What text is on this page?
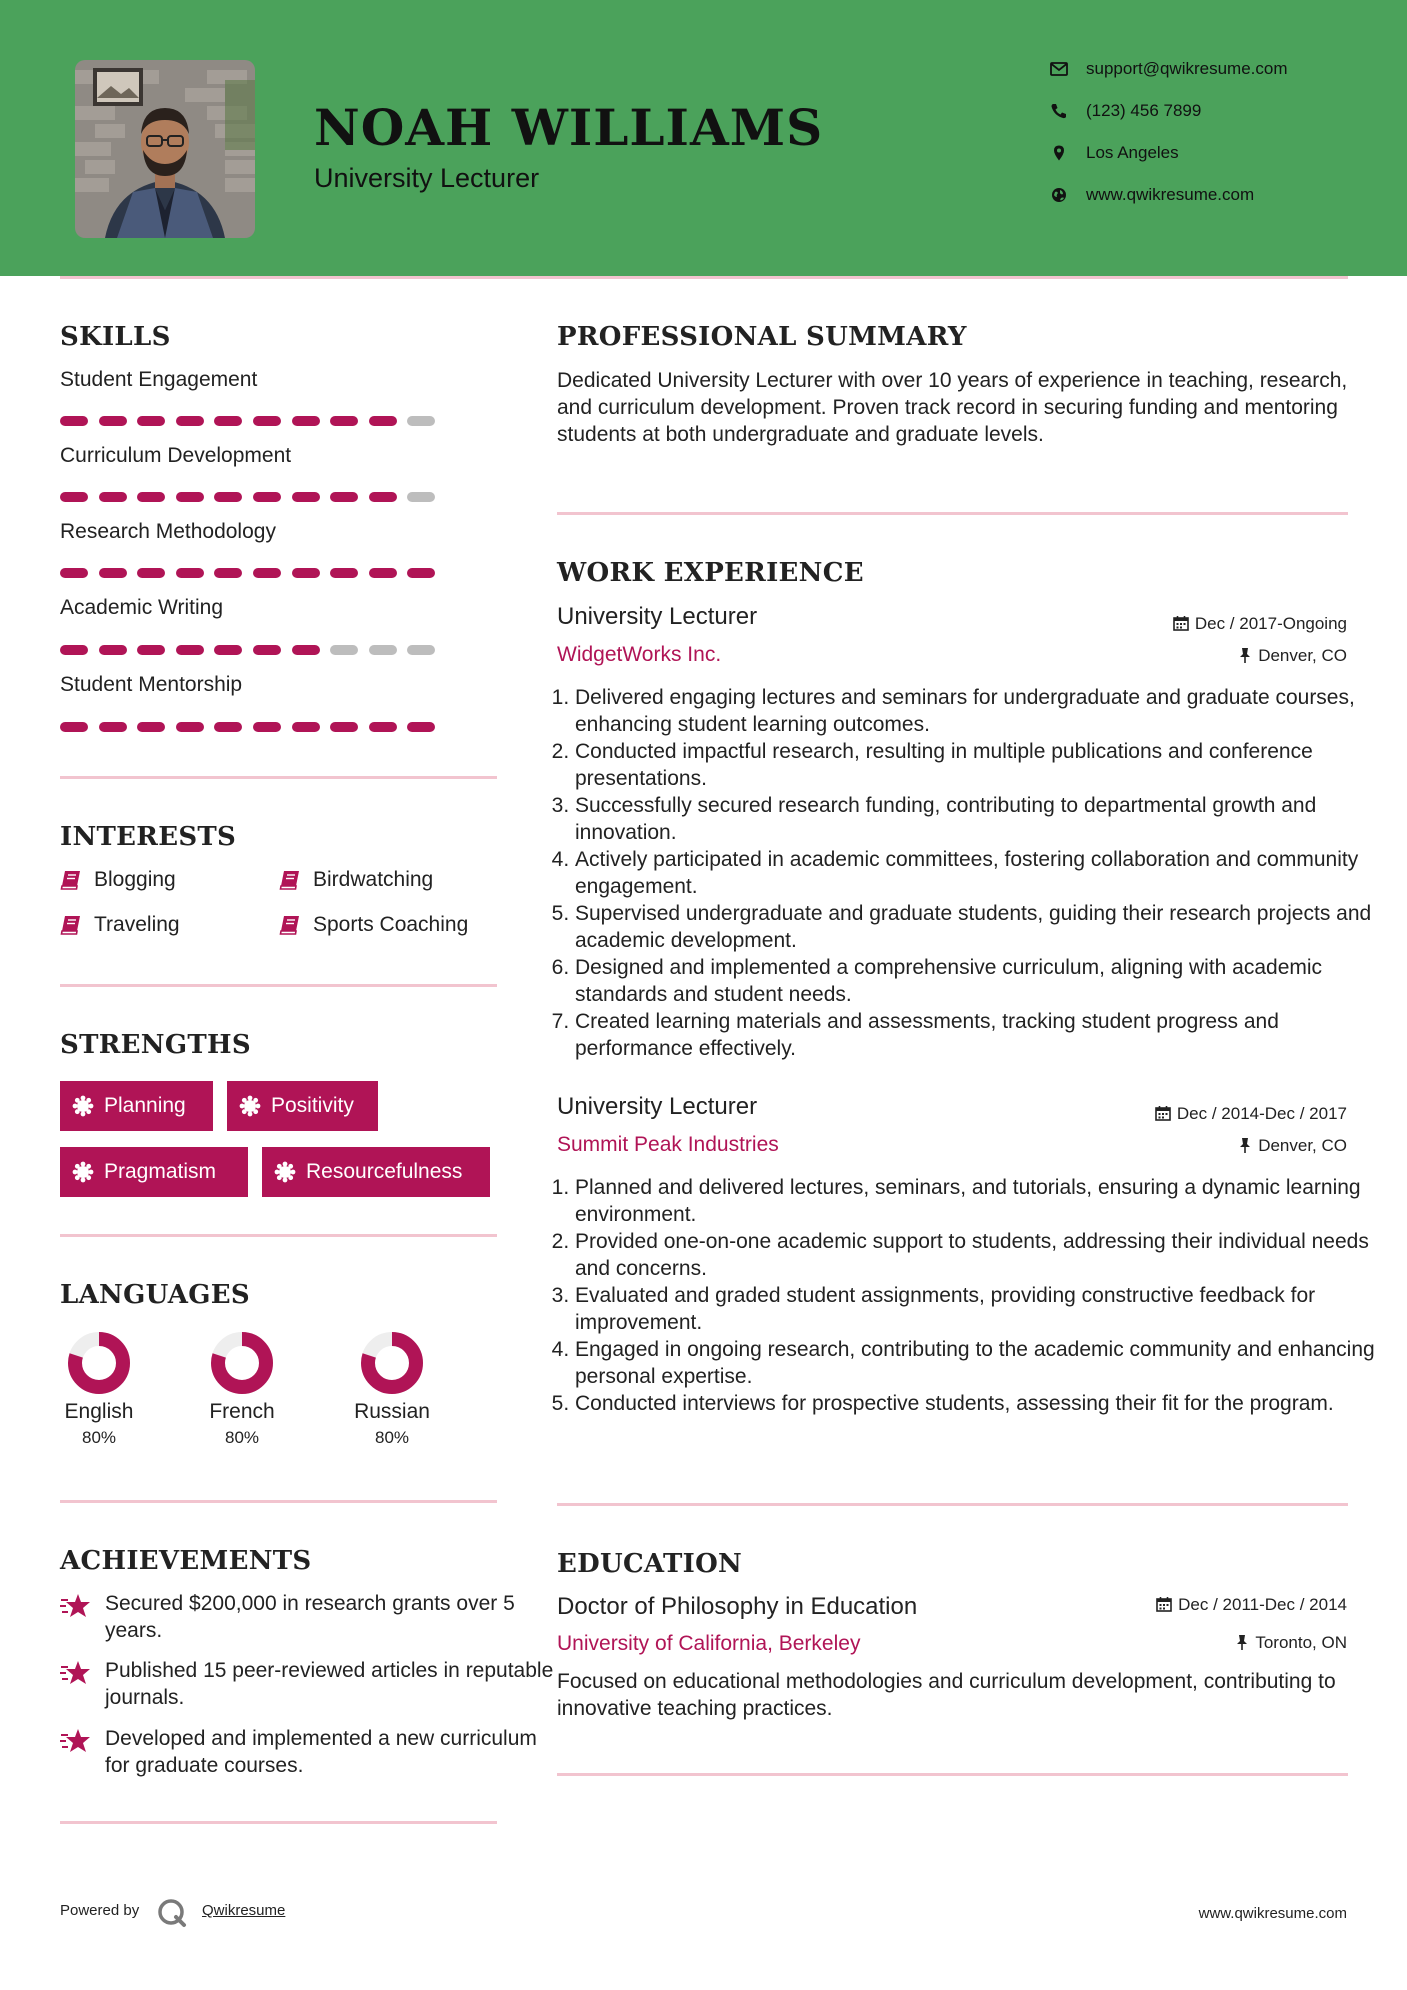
NOAH WILLIAMS
University Lecturer
support@qwikresume.com
(123) 456 7899
Los Angeles
www.qwikresume.com
SKILLS
Student Engagement
Curriculum Development
Research Methodology
Academic Writing
Student Mentorship
INTERESTS
Blogging	Birdwatching
Traveling	Sports Coaching
STRENGTHS
Planning	Positivity
Pragmatism	Resourcefulness
LANGUAGES
English
80%
French
80%
Russian
80%
ACHIEVEMENTS
Secured $200,000 in research grants over 5 years.
Published 15 peer-reviewed articles in reputable journals.
Developed and implemented a new curriculum for graduate courses.
PROFESSIONAL SUMMARY
Dedicated University Lecturer with over 10 years of experience in teaching, research, and curriculum development. Proven track record in securing funding and mentoring students at both undergraduate and graduate levels.
WORK EXPERIENCE
University Lecturer	Dec / 2017-Ongoing
WidgetWorks Inc.	Denver, CO
1. Delivered engaging lectures and seminars for undergraduate and graduate courses, enhancing student learning outcomes.
2. Conducted impactful research, resulting in multiple publications and conference presentations.
3. Successfully secured research funding, contributing to departmental growth and innovation.
4. Actively participated in academic committees, fostering collaboration and community engagement.
5. Supervised undergraduate and graduate students, guiding their research projects and academic development.
6. Designed and implemented a comprehensive curriculum, aligning with academic standards and student needs.
7. Created learning materials and assessments, tracking student progress and performance effectively.
University Lecturer	Dec / 2014-Dec / 2017
Summit Peak Industries	Denver, CO
1. Planned and delivered lectures, seminars, and tutorials, ensuring a dynamic learning environment.
2. Provided one-on-one academic support to students, addressing their individual needs and concerns.
3. Evaluated and graded student assignments, providing constructive feedback for improvement.
4. Engaged in ongoing research, contributing to the academic community and enhancing personal expertise.
5. Conducted interviews for prospective students, assessing their fit for the program.
EDUCATION
Doctor of Philosophy in Education	Dec / 2011-Dec / 2014
University of California, Berkeley	Toronto, ON
Focused on educational methodologies and curriculum development, contributing to innovative teaching practices.
Powered by	Qwikresume	www.qwikresume.com
